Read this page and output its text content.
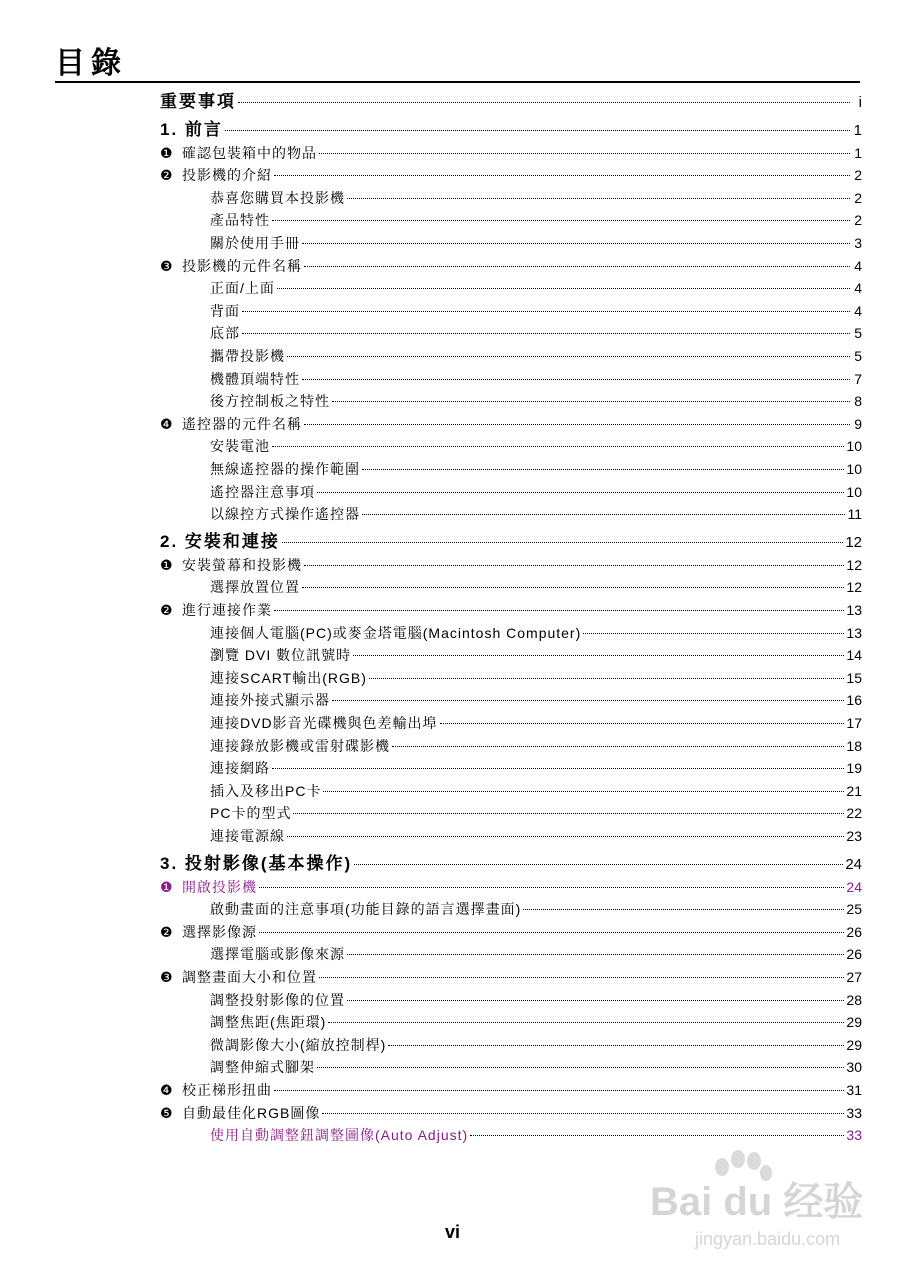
目錄
重要事項	i
1. 前言	1
❶ 確認包裝箱中的物品	1
❷ 投影機的介紹	2
恭喜您購買本投影機	2
產品特性	2
關於使用手冊	3
❸ 投影機的元件名稱	4
正面/上面	4
背面	4
底部	5
攜帶投影機	5
機體頂端特性	7
後方控制板之特性	8
❹ 遙控器的元件名稱	9
安裝電池	10
無線遙控器的操作範圍	10
遙控器注意事項	10
以線控方式操作遙控器	11
2. 安裝和連接	12
❶ 安裝螢幕和投影機	12
選擇放置位置	12
❷ 進行連接作業	13
連接個人電腦(PC)或麥金塔電腦(Macintosh Computer)	13
瀏覽 DVI 數位訊號時	14
連接SCART輸出(RGB)	15
連接外接式顯示器	16
連接DVD影音光碟機與色差輸出埠	17
連接錄放影機或雷射碟影機	18
連接網路	19
插入及移出PC卡	21
PC卡的型式	22
連接電源線	23
3. 投射影像(基本操作)	24
❶ 開啟投影機	24
啟動畫面的注意事項(功能目錄的語言選擇畫面)	25
❷ 選擇影像源	26
選擇電腦或影像來源	26
❸ 調整畫面大小和位置	27
調整投射影像的位置	28
調整焦距(焦距環)	29
微調影像大小(縮放控制桿)	29
調整伸縮式腳架	30
❹ 校正梯形扭曲	31
❺ 自動最佳化RGB圖像	33
使用自動調整鈕調整圖像(Auto Adjust)	33
Bai du 经验
jingyan.baidu.com
vi
